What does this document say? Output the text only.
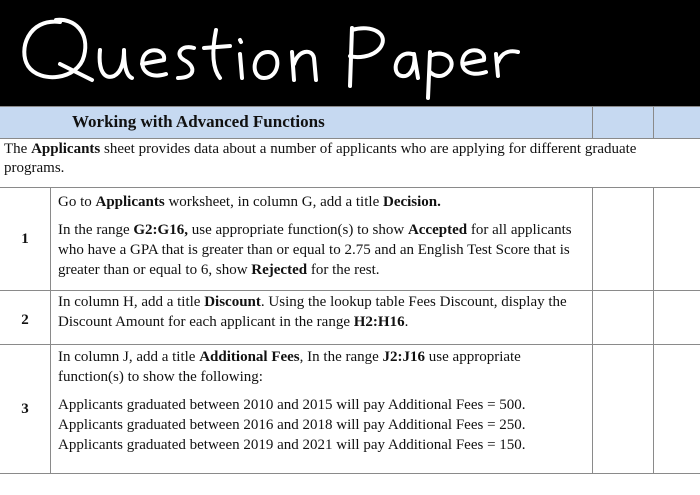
Working with Advanced Functions
The Applicants sheet provides data about a number of applicants who are applying for different graduate programs.
1

Go to Applicants worksheet, in column G, add a title Decision.

In the range G2:G16, use appropriate function(s) to show Accepted for all applicants who have a GPA that is greater than or equal to 2.75 and an English Test Score that is greater than or equal to 6, show Rejected for the rest.

2

In column H, add a title Discount. Using the lookup table Fees Discount, display the Discount Amount for each applicant in the range H2:H16.

3

In column J, add a title Additional Fees, In the range J2:J16 use appropriate function(s) to show the following:

Applicants graduated between 2010 and 2015 will pay Additional Fees = 500.
Applicants graduated between 2016 and 2018 will pay Additional Fees = 250.
Applicants graduated between 2019 and 2021 will pay Additional Fees = 150.
